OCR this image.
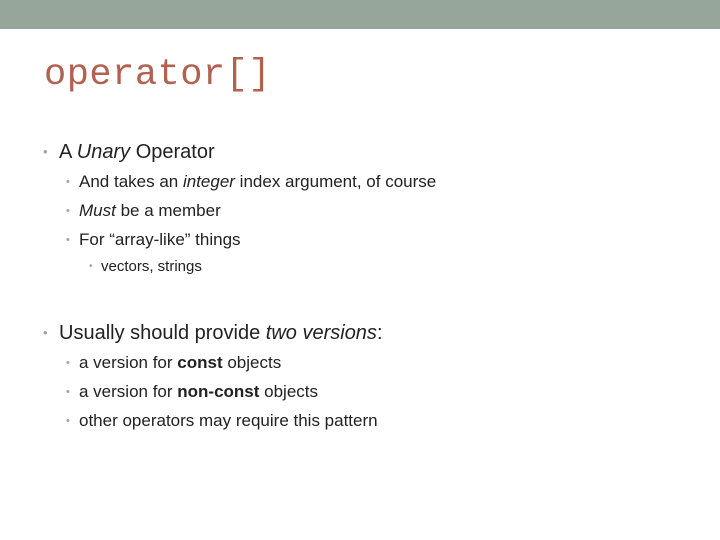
operator[]
• A Unary Operator
• And takes an integer index argument, of course
• Must be a member
• For “array-like” things
• vectors, strings
• Usually should provide two versions:
• a version for const objects
• a version for non-const objects
• other operators may require this pattern
